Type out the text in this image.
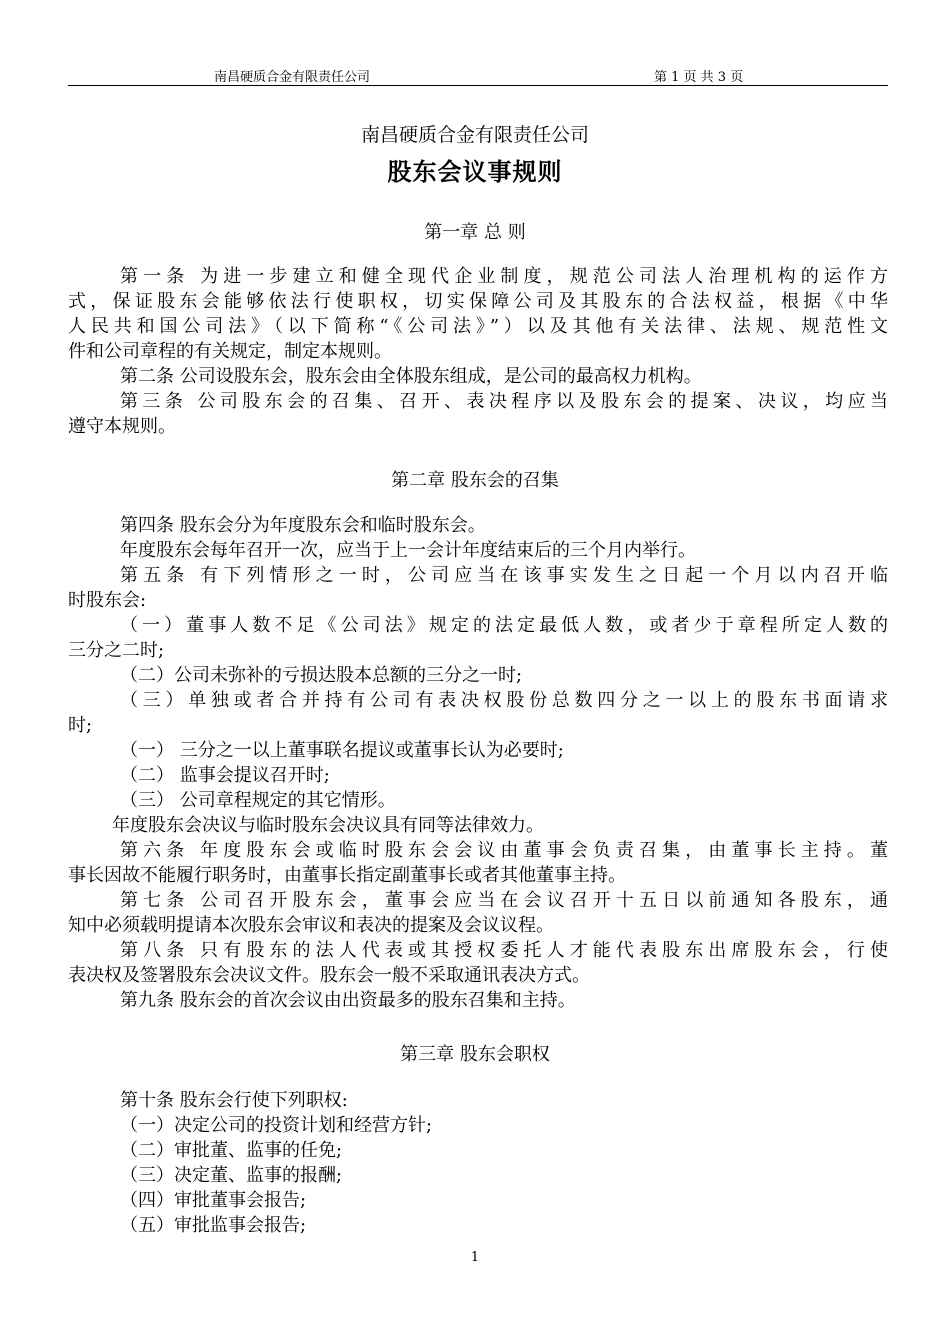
南昌硬质合金有限责任公司	第 1 页 共 3 页
南昌硬质合金有限责任公司
股东会议事规则
第一章 总 则
第一条 为进一步建立和健全现代企业制度，规范公司法人治理机构的运作方
式，保证股东会能够依法行使职权，切实保障公司及其股东的合法权益，根据《中华
人民共和国公司法》（以下简称“《公司法》”）以及其他有关法律、法规、规范性文
件和公司章程的有关规定，制定本规则。
第二条 公司设股东会，股东会由全体股东组成，是公司的最高权力机构。
第三条 公司股东会的召集、召开、表决程序以及股东会的提案、决议，均应当
遵守本规则。
第二章 股东会的召集
第四条 股东会分为年度股东会和临时股东会。
年度股东会每年召开一次，应当于上一会计年度结束后的三个月内举行。
第五条 有下列情形之一时，公司应当在该事实发生之日起一个月以内召开临
时股东会:
（一）董事人数不足《公司法》规定的法定最低人数，或者少于章程所定人数的
三分之二时;
（二）公司未弥补的亏损达股本总额的三分之一时;
（三）单独或者合并持有公司有表决权股份总数四分之一以上的股东书面请求
时;
（一） 三分之一以上董事联名提议或董事长认为必要时;
（二） 监事会提议召开时;
（三） 公司章程规定的其它情形。
年度股东会决议与临时股东会决议具有同等法律效力。
第六条 年度股东会或临时股东会会议由董事会负责召集，由董事长主持。董
事长因故不能履行职务时，由董事长指定副董事长或者其他董事主持。
第七条 公司召开股东会，董事会应当在会议召开十五日以前通知各股东，通
知中必须载明提请本次股东会审议和表决的提案及会议议程。
第八条 只有股东的法人代表或其授权委托人才能代表股东出席股东会，行使
表决权及签署股东会决议文件。股东会一般不采取通讯表决方式。
第九条 股东会的首次会议由出资最多的股东召集和主持。
第三章 股东会职权
第十条 股东会行使下列职权:
（一）决定公司的投资计划和经营方针;
（二）审批董、监事的任免;
（三）决定董、监事的报酬;
（四）审批董事会报告;
（五）审批监事会报告;
1
